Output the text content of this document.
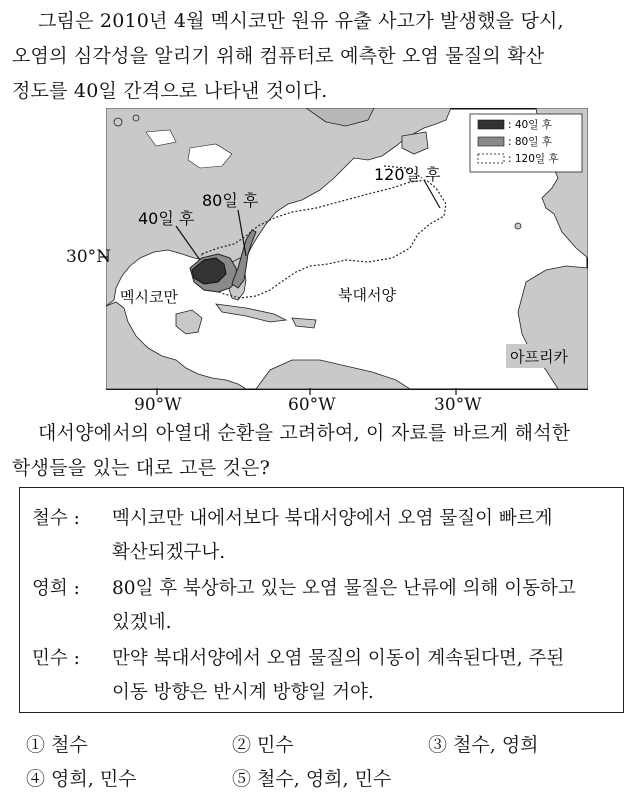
그림은 2010년 4월 멕시코만 원유 유출 사고가 발생했을 당시,
오염의 심각성을 알리기 위해 컴퓨터로 예측한 오염 물질의 확산
정도를 40일 간격으로 나타낸 것이다.
: 40일 후
: 80일 후
: 120일 후
120일 후
80일 후
40일 후
멕시코만	북대서양
아프리카
30°N
90°W	60°W	30°W
대서양에서의 아열대 순환을 고려하여, 이 자료를 바르게 해석한
학생들을 있는 대로 고른 것은?
철수 : 멕시코만 내에서보다 북대서양에서 오염 물질이 빠르게
확산되겠구나.
영희 : 80일 후 북상하고 있는 오염 물질은 난류에 의해 이동하고
있겠네.
민수 : 만약 북대서양에서 오염 물질의 이동이 계속된다면, 주된
이동 방향은 반시계 방향일 거야.
① 철수	② 민수	③ 철수, 영희
④ 영희, 민수	⑤ 철수, 영희, 민수
